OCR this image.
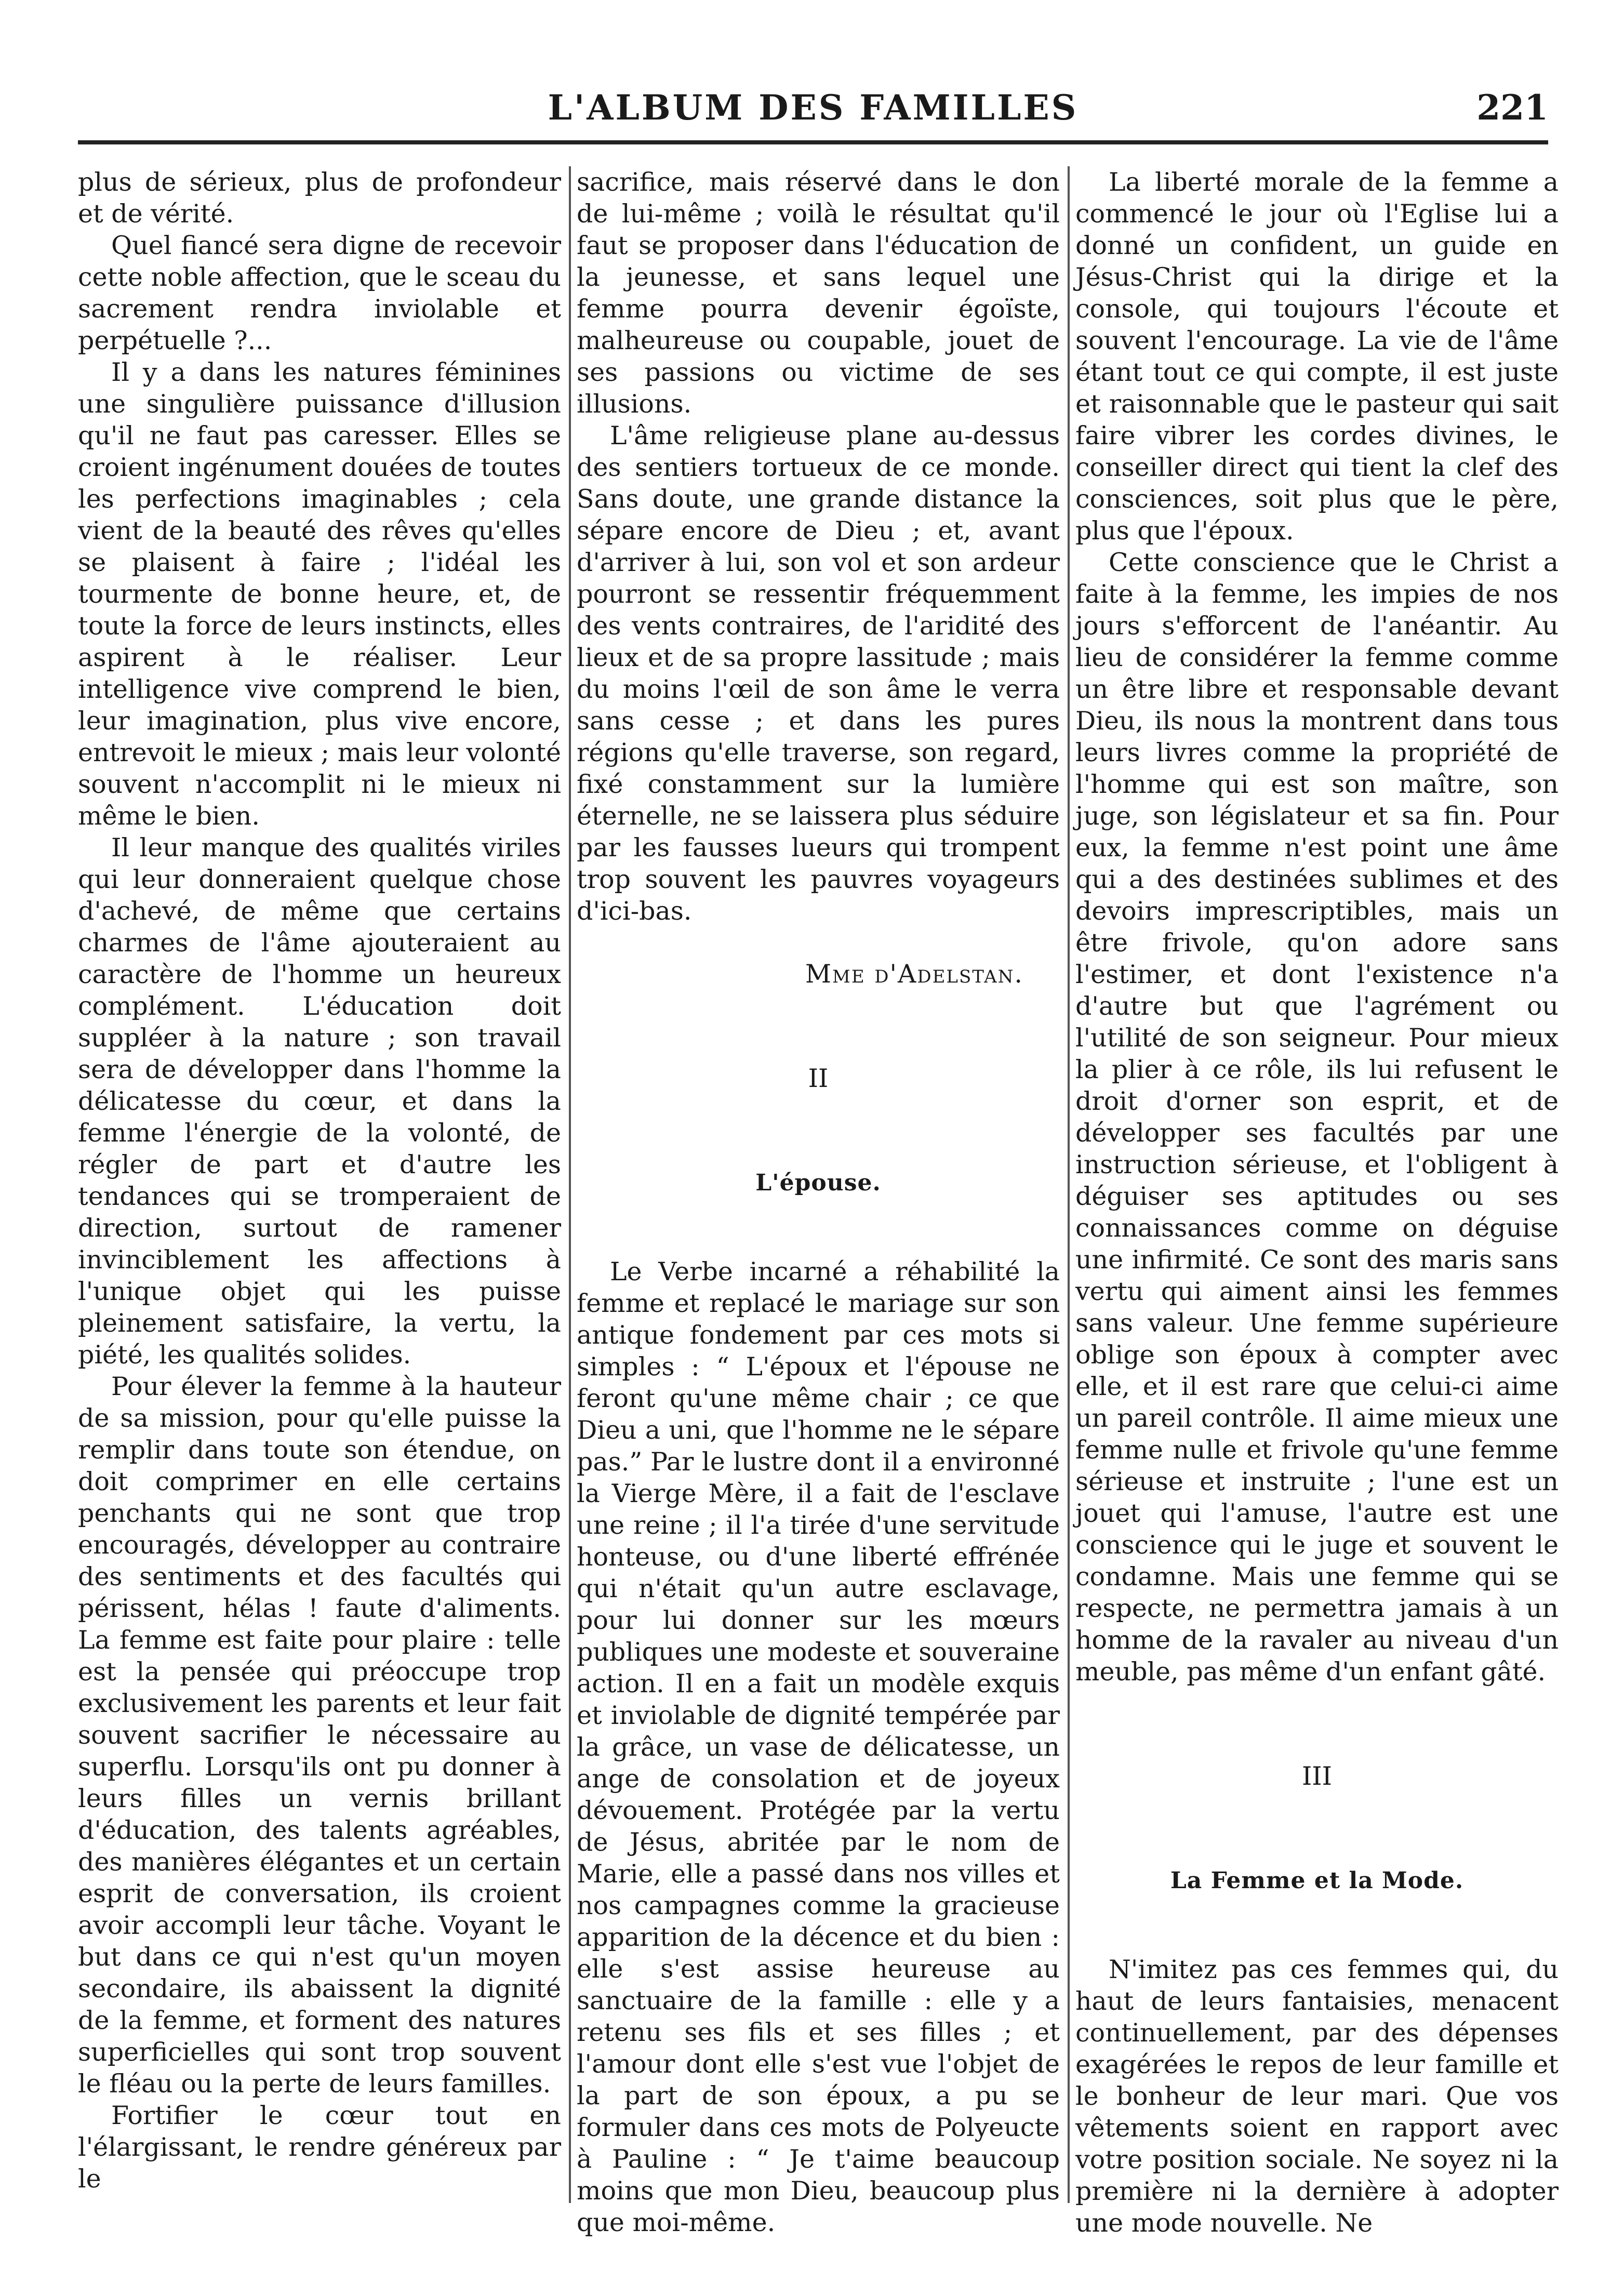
L'ALBUM DES FAMILLES	221

plus de sérieux, plus de profondeur et de vérité.

Quel fiancé sera digne de recevoir cette noble affection, que le sceau du sacrement rendra inviolable et perpétuelle ?...

Il y a dans les natures féminines une singulière puissance d'illusion qu'il ne faut pas caresser. Elles se croient ingénument douées de toutes les perfections imaginables ; cela vient de la beauté des rêves qu'elles se plaisent à faire ; l'idéal les tourmente de bonne heure, et, de toute la force de leurs instincts, elles aspirent à le réaliser. Leur intelligence vive comprend le bien, leur imagination, plus vive encore, entrevoit le mieux ; mais leur volonté souvent n'accomplit ni le mieux ni même le bien.

Il leur manque des qualités viriles qui leur donneraient quelque chose d'achevé, de même que certains charmes de l'âme ajouteraient au caractère de l'homme un heureux complément. L'éducation doit suppléer à la nature ; son travail sera de développer dans l'homme la délicatesse du cœur, et dans la femme l'énergie de la volonté, de régler de part et d'autre les tendances qui se tromperaient de direction, surtout de ramener invinciblement les affections à l'unique objet qui les puisse pleinement satisfaire, la vertu, la piété, les qualités solides.

Pour élever la femme à la hauteur de sa mission, pour qu'elle puisse la remplir dans toute son étendue, on doit comprimer en elle certains penchants qui ne sont que trop encouragés, développer au contraire des sentiments et des facultés qui périssent, hélas ! faute d'aliments. La femme est faite pour plaire : telle est la pensée qui préoccupe trop exclusivement les parents et leur fait souvent sacrifier le nécessaire au superflu. Lorsqu'ils ont pu donner à leurs filles un vernis brillant d'éducation, des talents agréables, des manières élégantes et un certain esprit de conversation, ils croient avoir accompli leur tâche. Voyant le but dans ce qui n'est qu'un moyen secondaire, ils abaissent la dignité de la femme, et forment des natures superficielles qui sont trop souvent le fléau ou la perte de leurs familles.

Fortifier le cœur tout en l'élargissant, le rendre généreux par le

sacrifice, mais réservé dans le don de lui-même ; voilà le résultat qu'il faut se proposer dans l'éducation de la jeunesse, et sans lequel une femme pourra devenir égoïste, malheureuse ou coupable, jouet de ses passions ou victime de ses illusions.

L'âme religieuse plane au-dessus des sentiers tortueux de ce monde. Sans doute, une grande distance la sépare encore de Dieu ; et, avant d'arriver à lui, son vol et son ardeur pourront se ressentir fréquemment des vents contraires, de l'aridité des lieux et de sa propre lassitude ; mais du moins l'œil de son âme le verra sans cesse ; et dans les pures régions qu'elle traverse, son regard, fixé constamment sur la lumière éternelle, ne se laissera plus séduire par les fausses lueurs qui trompent trop souvent les pauvres voyageurs d'ici-bas.

Mme d'Adelstan.
II
L'épouse.

Le Verbe incarné a réhabilité la femme et replacé le mariage sur son antique fondement par ces mots si simples : “ L'époux et l'épouse ne feront qu'une même chair ; ce que Dieu a uni, que l'homme ne le sépare pas.” Par le lustre dont il a environné la Vierge Mère, il a fait de l'esclave une reine ; il l'a tirée d'une servitude honteuse, ou d'une liberté effrénée qui n'était qu'un autre esclavage, pour lui donner sur les mœurs publiques une modeste et souveraine action. Il en a fait un modèle exquis et inviolable de dignité tempérée par la grâce, un vase de délicatesse, un ange de consolation et de joyeux dévouement. Protégée par la vertu de Jésus, abritée par le nom de Marie, elle a passé dans nos villes et nos campagnes comme la gracieuse apparition de la décence et du bien : elle s'est assise heureuse au sanctuaire de la famille : elle y a retenu ses fils et ses filles ; et l'amour dont elle s'est vue l'objet de la part de son époux, a pu se formuler dans ces mots de Polyeucte à Pauline : “ Je t'aime beaucoup moins que mon Dieu, beaucoup plus que moi-même.

La liberté morale de la femme a commencé le jour où l'Eglise lui a donné un confident, un guide en Jésus-Christ qui la dirige et la console, qui toujours l'écoute et souvent l'encourage. La vie de l'âme étant tout ce qui compte, il est juste et raisonnable que le pasteur qui sait faire vibrer les cordes divines, le conseiller direct qui tient la clef des consciences, soit plus que le père, plus que l'époux.

Cette conscience que le Christ a faite à la femme, les impies de nos jours s'efforcent de l'anéantir. Au lieu de considérer la femme comme un être libre et responsable devant Dieu, ils nous la montrent dans tous leurs livres comme la propriété de l'homme qui est son maître, son juge, son législateur et sa fin. Pour eux, la femme n'est point une âme qui a des destinées sublimes et des devoirs imprescriptibles, mais un être frivole, qu'on adore sans l'estimer, et dont l'existence n'a d'autre but que l'agrément ou l'utilité de son seigneur. Pour mieux la plier à ce rôle, ils lui refusent le droit d'orner son esprit, et de développer ses facultés par une instruction sérieuse, et l'obligent à déguiser ses aptitudes ou ses connaissances comme on déguise une infirmité. Ce sont des maris sans vertu qui aiment ainsi les femmes sans valeur. Une femme supérieure oblige son époux à compter avec elle, et il est rare que celui-ci aime un pareil contrôle. Il aime mieux une femme nulle et frivole qu'une femme sérieuse et instruite ; l'une est un jouet qui l'amuse, l'autre est une conscience qui le juge et souvent le condamne. Mais une femme qui se respecte, ne permettra jamais à un homme de la ravaler au niveau d'un meuble, pas même d'un enfant gâté.

III
La Femme et la Mode.

N'imitez pas ces femmes qui, du haut de leurs fantaisies, menacent continuellement, par des dépenses exagérées le repos de leur famille et le bonheur de leur mari. Que vos vêtements soient en rapport avec votre position sociale. Ne soyez ni la première ni la dernière à adopter une mode nouvelle. Ne
